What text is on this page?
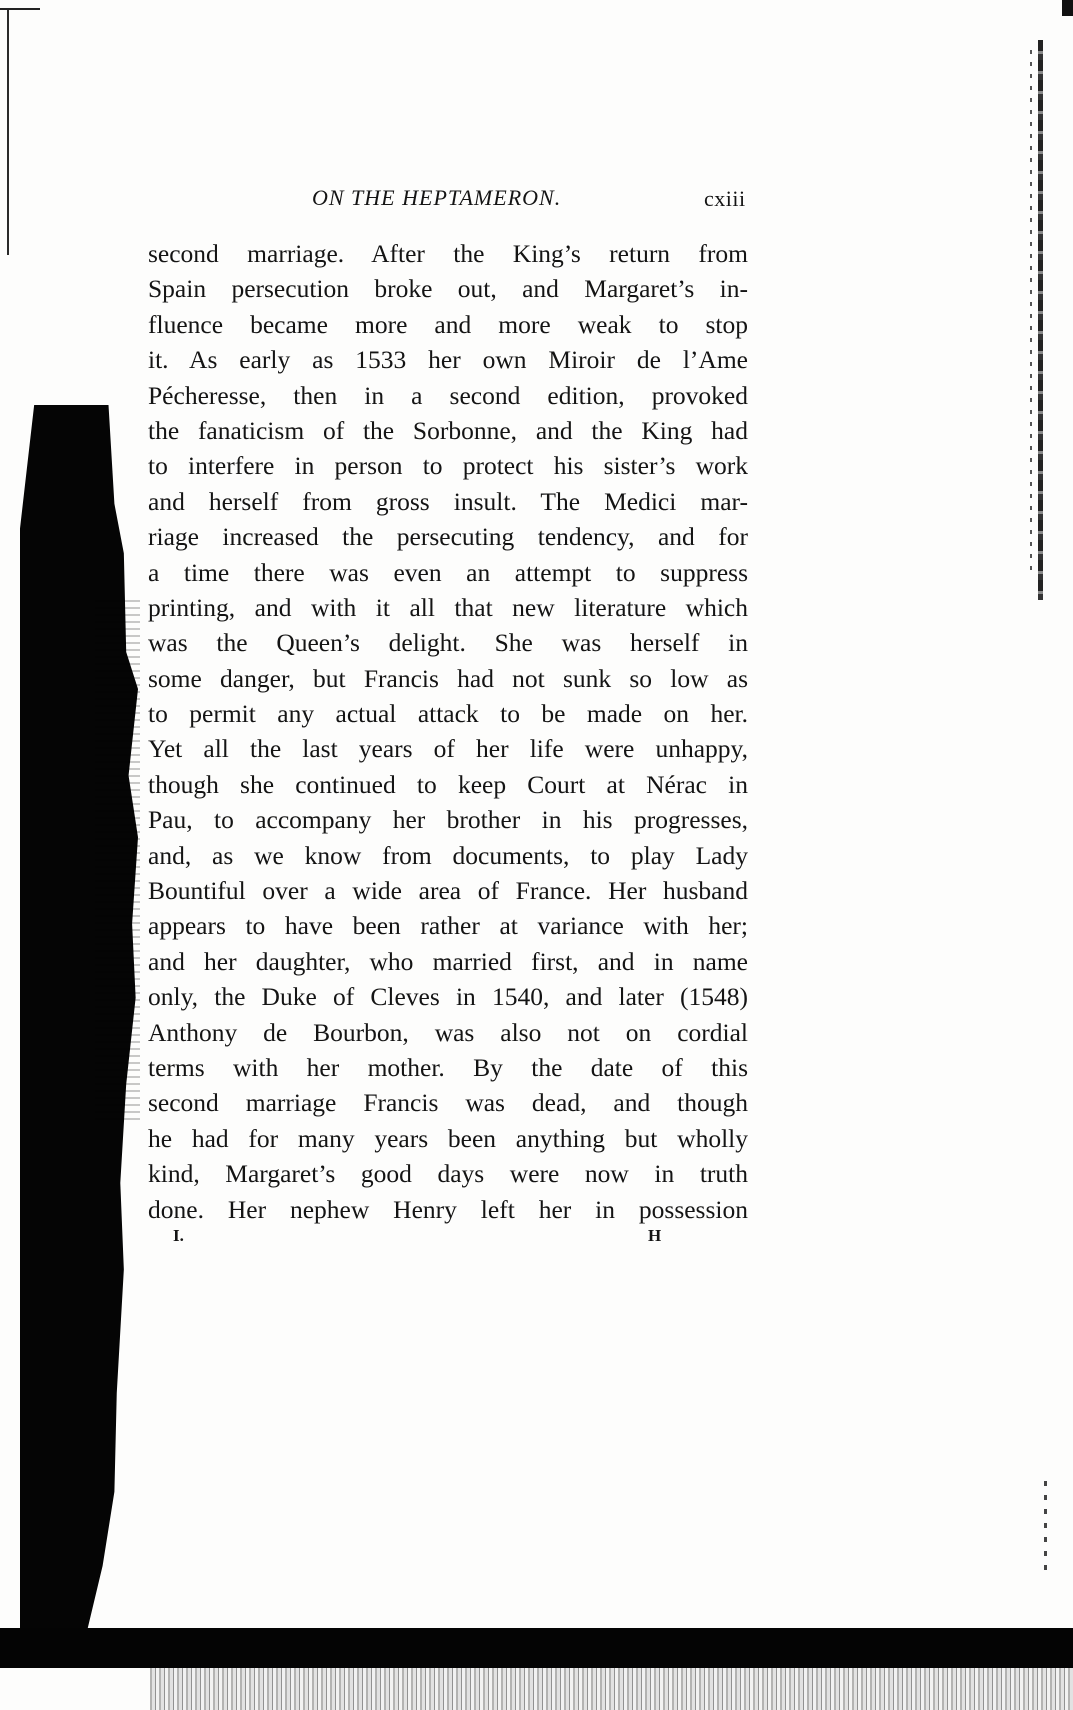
ON THE HEPTAMERON.	cxiii
second marriage. After the King’s return from
Spain persecution broke out, and Margaret’s in-
fluence became more and more weak to stop
it. As early as 1533 her own Miroir de l’Ame
Pécheresse, then in a second edition, provoked
the fanaticism of the Sorbonne, and the King had
to interfere in person to protect his sister’s work
and herself from gross insult. The Medici mar-
riage increased the persecuting tendency, and for
a time there was even an attempt to suppress
printing, and with it all that new literature which
was the Queen’s delight. She was herself in
some danger, but Francis had not sunk so low as
to permit any actual attack to be made on her.
Yet all the last years of her life were unhappy,
though she continued to keep Court at Nérac in
Pau, to accompany her brother in his progresses,
and, as we know from documents, to play Lady
Bountiful over a wide area of France. Her husband
appears to have been rather at variance with her;
and her daughter, who married first, and in name
only, the Duke of Cleves in 1540, and later (1548)
Anthony de Bourbon, was also not on cordial
terms with her mother. By the date of this
second marriage Francis was dead, and though
he had for many years been anything but wholly
kind, Margaret’s good days were now in truth
done. Her nephew Henry left her in possession
I.	H
